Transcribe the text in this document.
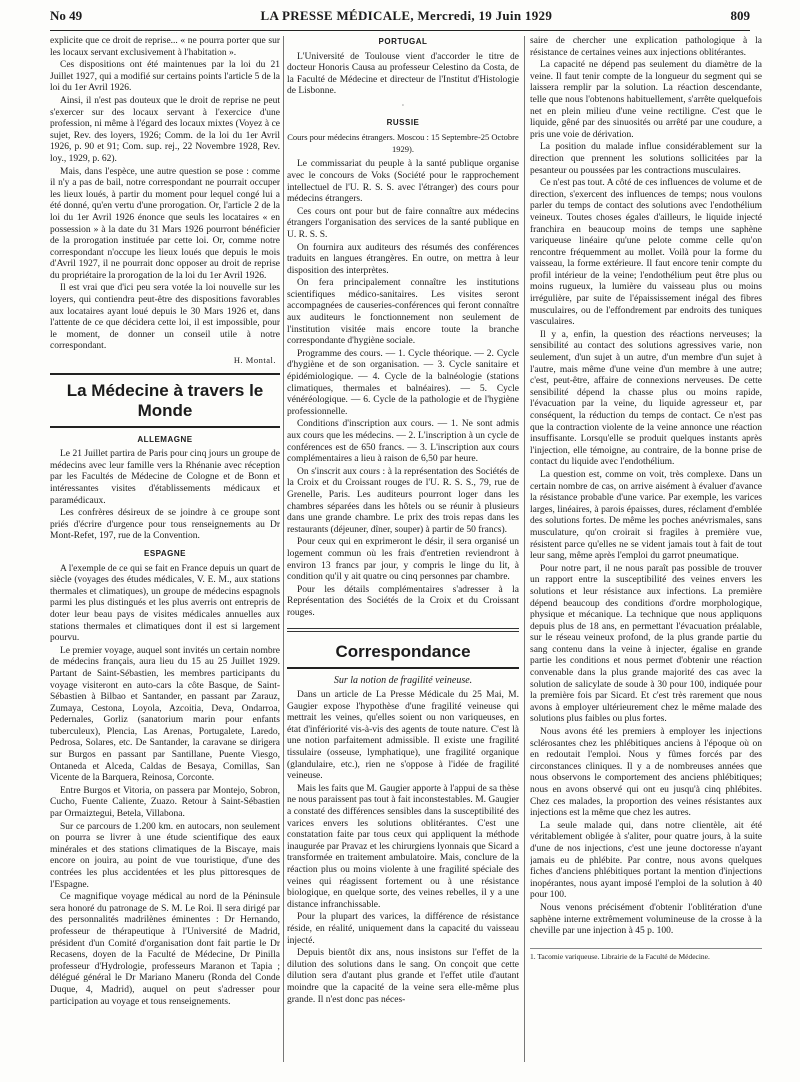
No 49	LA PRESSE MÉDICALE, Mercredi, 19 Juin 1929	809

explicite que ce droit de reprise... « ne pourra porter que sur les locaux servant exclusivement à l'habitation ».

Ces dispositions ont été maintenues par la loi du 21 Juillet 1927, qui a modifié sur certains points l'article 5 de la loi du 1er Avril 1926.

Ainsi, il n'est pas douteux que le droit de reprise ne peut s'exercer sur des locaux servant à l'exercice d'une profession, ni même à l'égard des locaux mixtes (Voyez à ce sujet, Rev. des loyers, 1926; Comm. de la loi du 1er Avril 1926, p. 90 et 91; Com. sup. rej., 22 Novembre 1928, Rev. loy., 1929, p. 62).

Mais, dans l'espèce, une autre question se pose : comme il n'y a pas de bail, notre correspondant ne pourrait occuper les lieux loués, à partir du moment pour lequel congé lui a été donné, qu'en vertu d'une prorogation. Or, l'article 2 de la loi du 1er Avril 1926 énonce que seuls les locataires « en possession » à la date du 31 Mars 1926 pourront bénéficier de la prorogation instituée par cette loi. Or, comme notre correspondant n'occupe les lieux loués que depuis le mois d'Avril 1927, il ne pourrait donc opposer au droit de reprise du propriétaire la prorogation de la loi du 1er Avril 1926.

Il est vrai que d'ici peu sera votée la loi nouvelle sur les loyers, qui contiendra peut-être des dispositions favorables aux locataires ayant loué depuis le 30 Mars 1926 et, dans l'attente de ce que décidera cette loi, il est impossible, pour le moment, de donner un conseil utile à notre correspondant.

H. Montal.
La Médecine à travers le Monde
ALLEMAGNE

Le 21 Juillet partira de Paris pour cinq jours un groupe de médecins avec leur famille vers la Rhénanie avec réception par les Facultés de Médecine de Cologne et de Bonn et intéressantes visites d'établissements médicaux et paramédicaux.

Les confrères désireux de se joindre à ce groupe sont priés d'écrire d'urgence pour tous renseignements au Dr Mont-Refet, 197, rue de la Convention.

ESPAGNE

A l'exemple de ce qui se fait en France depuis un quart de siècle (voyages des études médicales, V. E. M., aux stations thermales et climatiques), un groupe de médecins espagnols parmi les plus distingués et les plus averris ont entrepris de doter leur beau pays de visites médicales annuelles aux stations thermales et climatiques dont il est si largement pourvu.

Le premier voyage, auquel sont invités un certain nombre de médecins français, aura lieu du 15 au 25 Juillet 1929. Partant de Saint-Sébastien, les membres participants du voyage visiteront en auto-cars la côte Basque, de Saint-Sébastien à Bilbao et Santander, en passant par Zarauz, Zumaya, Cestona, Loyola, Azcoitia, Deva, Ondarroa, Pedernales, Gorliz (sanatorium marin pour enfants tuberculeux), Plencia, Las Arenas, Portugalete, Laredo, Pedrosa, Solares, etc. De Santander, la caravane se dirigera sur Burgos en passant par Santillane, Puente Viesgo, Ontaneda et Alceda, Caldas de Besaya, Comillas, San Vicente de la Barquera, Reinosa, Corconte.

Entre Burgos et Vitoria, on passera par Montejo, Sobron, Cucho, Fuente Caliente, Zuazo. Retour à Saint-Sébastien par Ormaiztegui, Betela, Villabona.

Sur ce parcours de 1.200 km. en autocars, non seulement on pourra se livrer à une étude scientifique des eaux minérales et des stations climatiques de la Biscaye, mais encore on jouira, au point de vue touristique, d'une des contrées les plus accidentées et les plus pittoresques de l'Espagne.

Ce magnifique voyage médical au nord de la Péninsule sera honoré du patronage de S. M. Le Roi. Il sera dirigé par des personnalités madrilènes éminentes : Dr Hernando, professeur de thérapeutique à l'Université de Madrid, président d'un Comité d'organisation dont fait partie le Dr Recasens, doyen de la Faculté de Médecine, Dr Pinilla professeur d'Hydrologie, professeurs Maranon et Tapia ; délégué général le Dr Mariano Maneru (Ronda del Conde Duque, 4, Madrid), auquel on peut s'adresser pour participation au voyage et tous renseignements.

PORTUGAL

L'Université de Toulouse vient d'accorder le titre de docteur Honoris Causa au professeur Celestino da Costa, de la Faculté de Médecine et directeur de l'Institut d'Histologie de Lisbonne.

·
RUSSIE
Cours pour médecins étrangers. Moscou : 15 Septembre-25 Octobre 1929).

Le commissariat du peuple à la santé publique organise avec le concours de Voks (Société pour le rapprochement intellectuel de l'U. R. S. S. avec l'étranger) des cours pour médecins étrangers.

Ces cours ont pour but de faire connaître aux médecins étrangers l'organisation des services de la santé publique en U. R. S. S.

On fournira aux auditeurs des résumés des conférences traduits en langues étrangères. En outre, on mettra à leur disposition des interprètes.

On fera principalement connaître les institutions scientifiques médico-sanitaires. Les visites seront accompagnées de causeries-conférences qui feront connaître aux auditeurs le fonctionnement non seulement de l'institution visitée mais encore toute la branche correspondante d'hygiène sociale.

Programme des cours. — 1. Cycle théorique. — 2. Cycle d'hygiène et de son organisation. — 3. Cycle sanitaire et épidémiologique. — 4. Cycle de la balnéologie (stations climatiques, thermales et balnéaires). — 5. Cycle vénéréologique. — 6. Cycle de la pathologie et de l'hygiène professionnelle.

Conditions d'inscription aux cours. — 1. Ne sont admis aux cours que les médecins. — 2. L'inscription à un cycle de conférences est de 650 francs. — 3. L'inscription aux cours complémentaires a lieu à raison de 6,50 par heure.

On s'inscrit aux cours : à la représentation des Sociétés de la Croix et du Croissant rouges de l'U. R. S. S., 79, rue de Grenelle, Paris. Les auditeurs pourront loger dans les chambres séparées dans les hôtels ou se réunir à plusieurs dans une grande chambre. Le prix des trois repas dans les restaurants (déjeuner, dîner, souper) à partir de 50 francs).

Pour ceux qui en exprimeront le désir, il sera organisé un logement commun où les frais d'entretien reviendront à environ 13 francs par jour, y compris le linge du lit, à condition qu'il y ait quatre ou cinq personnes par chambre.

Pour les détails complémentaires s'adresser à la Représentation des Sociétés de la Croix et du Croissant rouges.

Correspondance
Sur la notion de fragilité veineuse.

Dans un article de La Presse Médicale du 25 Mai, M. Gaugier expose l'hypothèse d'une fragilité veineuse qui mettrait les veines, qu'elles soient ou non variqueuses, en état d'infériorité vis-à-vis des agents de toute nature. C'est là une notion parfaitement admissible. Il existe une fragilité tissulaire (osseuse, lymphatique), une fragilité organique (glandulaire, etc.), rien ne s'oppose à l'idée de fragilité veineuse.

Mais les faits que M. Gaugier apporte à l'appui de sa thèse ne nous paraissent pas tout à fait inconstestables. M. Gaugier a constaté des différences sensibles dans la susceptibilité des varices envers les solutions oblitérantes. C'est une constatation faite par tous ceux qui appliquent la méthode inaugurée par Pravaz et les chirurgiens lyonnais que Sicard a transformée en traitement ambulatoire. Mais, conclure de la réaction plus ou moins violente à une fragilité spéciale des veines qui réagissent fortement ou à une résistance biologique, en quelque sorte, des veines rebelles, il y a une distance infranchissable.

Pour la plupart des varices, la différence de résistance réside, en réalité, uniquement dans la capacité du vaisseau injecté.

Depuis bientôt dix ans, nous insistons sur l'effet de la dilution des solutions dans le sang. On conçoit que cette dilution sera d'autant plus grande et l'effet utile d'autant moindre que la capacité de la veine sera elle-même plus grande. Il n'est donc pas néces-

saire de chercher une explication pathologique à la résistance de certaines veines aux injections oblitérantes.

La capacité ne dépend pas seulement du diamètre de la veine. Il faut tenir compte de la longueur du segment qui se laissera remplir par la solution. La réaction descendante, telle que nous l'obtenons habituellement, s'arrête quelquefois net en plein milieu d'une veine rectiligne. C'est que le liquide, gêné par des sinuosités ou arrêté par une coudure, a pris une voie de dérivation.

La position du malade influe considérablement sur la direction que prennent les solutions sollicitées par la pesanteur ou poussées par les contractions musculaires.

Ce n'est pas tout. A côté de ces influences de volume et de direction, s'exercent des influences de temps; nous voulons parler du temps de contact des solutions avec l'endothélium veineux. Toutes choses égales d'ailleurs, le liquide injecté franchira en beaucoup moins de temps une saphène variqueuse linéaire qu'une pelote comme celle qu'on rencontre fréquemment au mollet. Voilà pour la forme du vaisseau, la forme extérieure. Il faut encore tenir compte du profil intérieur de la veine; l'endothélium peut être plus ou moins rugueux, la lumière du vaisseau plus ou moins irrégulière, par suite de l'épaississement inégal des fibres musculaires, ou de l'effondrement par endroits des tuniques vasculaires.

Il y a, enfin, la question des réactions nerveuses; la sensibilité au contact des solutions agressives varie, non seulement, d'un sujet à un autre, d'un membre d'un sujet à l'autre, mais même d'une veine d'un membre à une autre; c'est, peut-être, affaire de connexions nerveuses. De cette sensibilité dépend la chasse plus ou moins rapide, l'évacuation par la veine, du liquide agresseur et, par conséquent, la réduction du temps de contact. Ce n'est pas que la contraction violente de la veine annonce une réaction insuffisante. Lorsqu'elle se produit quelques instants après l'injection, elle témoigne, au contraire, de la bonne prise de contact du liquide avec l'endothélium.

La question est, comme on voit, très complexe. Dans un certain nombre de cas, on arrive aisément à évaluer d'avance la résistance probable d'une varice. Par exemple, les varices larges, linéaires, à parois épaisses, dures, réclament d'emblée des solutions fortes. De même les poches anévrismales, sans musculature, qu'on croirait si fragiles à première vue, résistent parce qu'elles ne se vident jamais tout à fait de tout leur sang, même après l'emploi du garrot pneumatique.

Pour notre part, il ne nous paraît pas possible de trouver un rapport entre la susceptibilité des veines envers les solutions et leur résistance aux infections. La première dépend beaucoup des conditions d'ordre morphologique, physique et mécanique. La technique que nous appliquons depuis plus de 18 ans, en permettant l'évacuation préalable, sur le réseau veineux profond, de la plus grande partie du sang contenu dans la veine à injecter, égalise en grande partie les conditions et nous permet d'obtenir une réaction convenable dans la plus grande majorité des cas avec la solution de salicylate de soude à 30 pour 100, indiquée pour la première fois par Sicard. Et c'est très rarement que nous avons à employer ultérieurement chez le même malade des solutions plus faibles ou plus fortes.

Nous avons été les premiers à employer les injections sclérosantes chez les phlébitiques anciens à l'époque où on en redoutait l'emploi. Nous y fûmes forcés par des circonstances cliniques. Il y a de nombreuses années que nous observons le comportement des anciens phlébitiques; nous en avons observé qui ont eu jusqu'à cinq phlébites. Chez ces malades, la proportion des veines résistantes aux injections est la même que chez les autres.

La seule malade qui, dans notre clientèle, ait été véritablement obligée à s'aliter, pour quatre jours, à la suite d'une de nos injections, c'est une jeune doctoresse n'ayant jamais eu de phlébite. Par contre, nous avons quelques fiches d'anciens phlébitiques portant la mention d'injections inopérantes, nous ayant imposé l'emploi de la solution à 40 pour 100.

Nous venons précisément d'obtenir l'oblitération d'une saphène interne extrêmement volumineuse de la crosse à la cheville par une injection à 45 p. 100.

1. Tacomie variqueuse. Librairie de la Faculté de Médecine.
